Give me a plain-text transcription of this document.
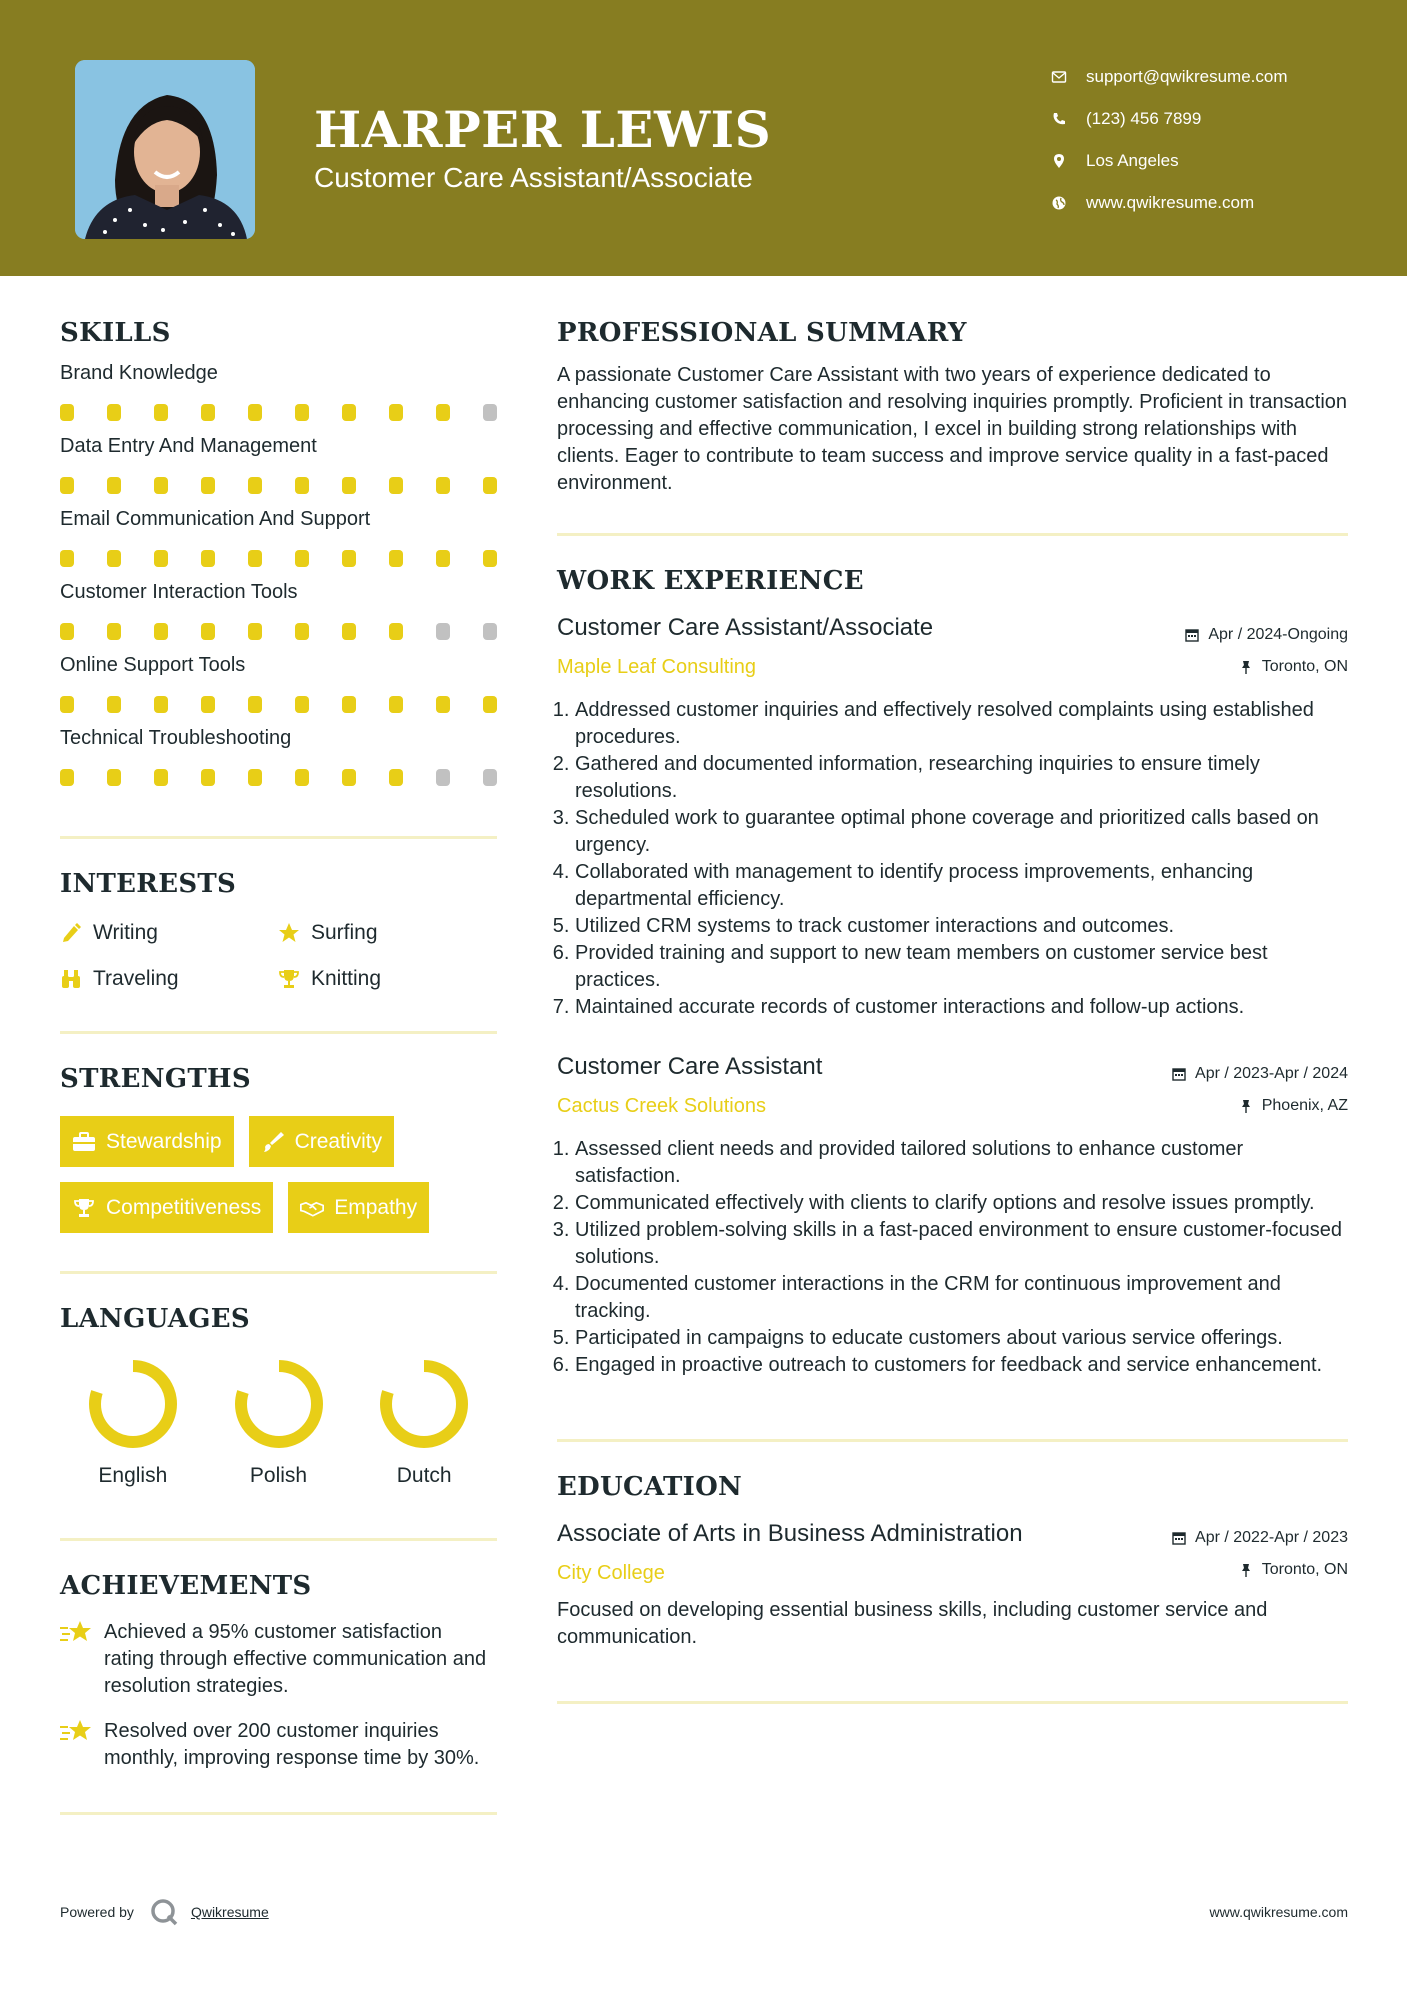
HARPER LEWIS
Customer Care Assistant/Associate
support@qwikresume.com
(123) 456 7899
Los Angeles
www.qwikresume.com
SKILLS
Brand Knowledge
Data Entry And Management
Email Communication And Support
Customer Interaction Tools
Online Support Tools
Technical Troubleshooting
INTERESTS
Writing	Surfing
Traveling	Knitting
STRENGTHS
Stewardship	Creativity
Competitiveness	Empathy
LANGUAGES
English	Polish	Dutch
ACHIEVEMENTS
Achieved a 95% customer satisfaction rating through effective communication and resolution strategies.
Resolved over 200 customer inquiries monthly, improving response time by 30%.
PROFESSIONAL SUMMARY

A passionate Customer Care Assistant with two years of experience dedicated to enhancing customer satisfaction and resolving inquiries promptly. Proficient in transaction processing and effective communication, I excel in building strong relationships with clients. Eager to contribute to team success and improve service quality in a fast-paced environment.

WORK EXPERIENCE
Customer Care Assistant/Associate
Maple Leaf Consulting
Apr / 2024-Ongoing
Toronto, ON
1. Addressed customer inquiries and effectively resolved complaints using established procedures.
2. Gathered and documented information, researching inquiries to ensure timely resolutions.
3. Scheduled work to guarantee optimal phone coverage and prioritized calls based on urgency.
4. Collaborated with management to identify process improvements, enhancing departmental efficiency.
5. Utilized CRM systems to track customer interactions and outcomes.
6. Provided training and support to new team members on customer service best practices.
7. Maintained accurate records of customer interactions and follow-up actions.
Customer Care Assistant
Cactus Creek Solutions
Apr / 2023-Apr / 2024
Phoenix, AZ
1. Assessed client needs and provided tailored solutions to enhance customer satisfaction.
2. Communicated effectively with clients to clarify options and resolve issues promptly.
3. Utilized problem-solving skills in a fast-paced environment to ensure customer-focused solutions.
4. Documented customer interactions in the CRM for continuous improvement and tracking.
5. Participated in campaigns to educate customers about various service offerings.
6. Engaged in proactive outreach to customers for feedback and service enhancement.
EDUCATION
Associate of Arts in Business Administration
City College
Apr / 2022-Apr / 2023
Toronto, ON

Focused on developing essential business skills, including customer service and communication.

Powered by	Qwikresume	www.qwikresume.com
